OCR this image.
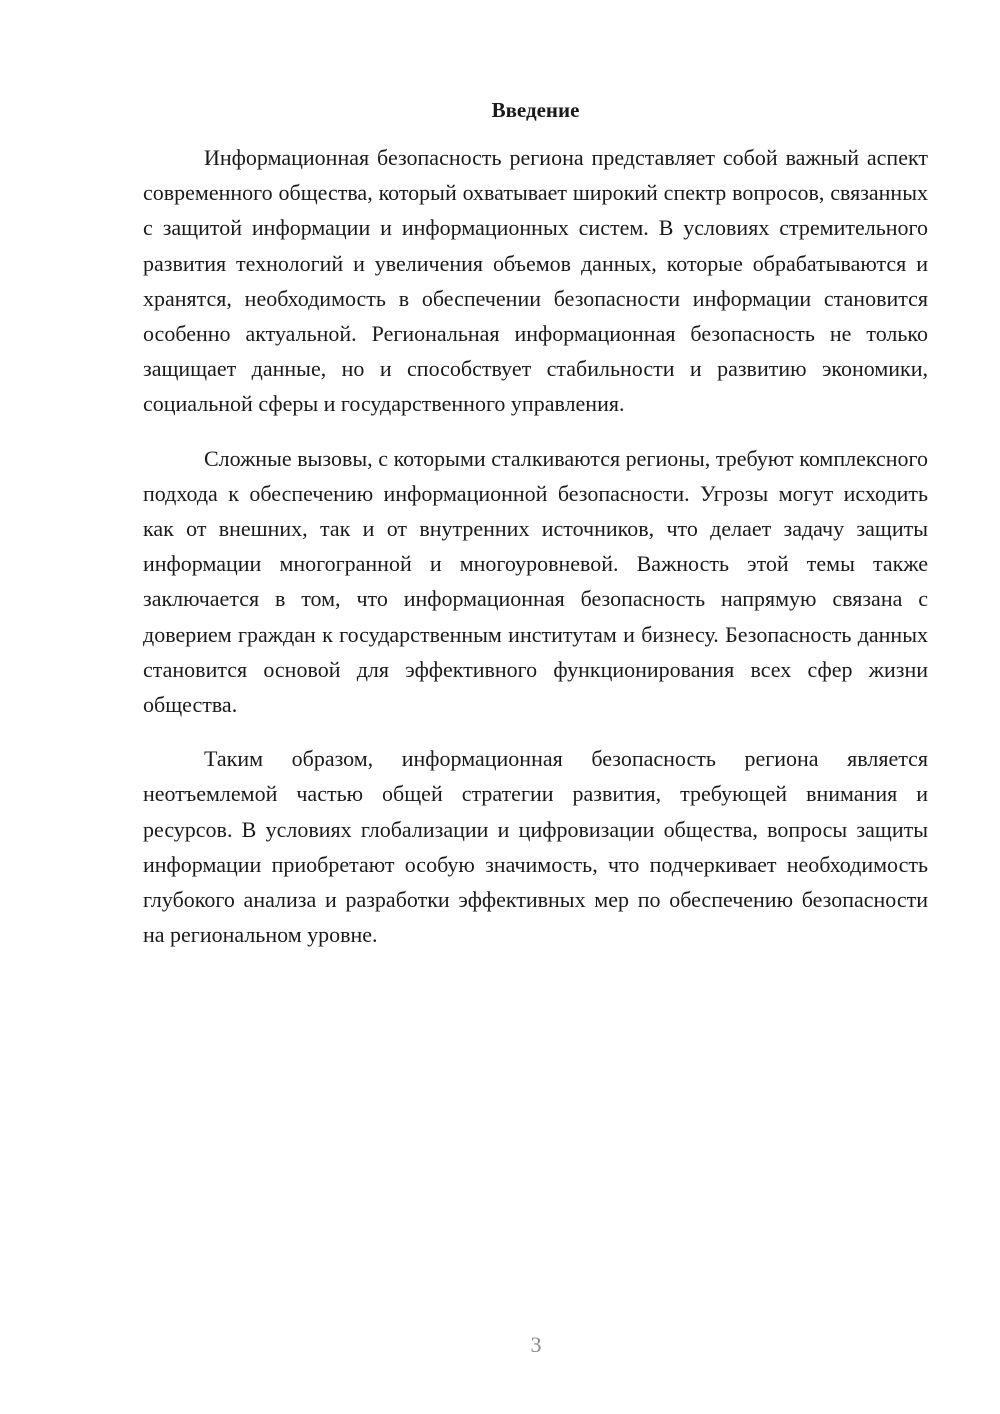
Введение

Информационная безопасность региона представляет собой важный аспект современного общества, который охватывает широкий спектр вопросов, связанных с защитой информации и информационных систем. В условиях стремительного развития технологий и увеличения объемов данных, которые обрабатываются и хранятся, необходимость в обеспечении безопасности информации становится особенно актуальной. Региональная информационная безопасность не только защищает данные, но и способствует стабильности и развитию экономики, социальной сферы и государственного управления.

Сложные вызовы, с которыми сталкиваются регионы, требуют комплексного подхода к обеспечению информационной безопасности. Угрозы могут исходить как от внешних, так и от внутренних источников, что делает задачу защиты информации многогранной и многоуровневой. Важность этой темы также заключается в том, что информационная безопасность напрямую связана с доверием граждан к государственным институтам и бизнесу. Безопасность данных становится основой для эффективного функционирования всех сфер жизни общества.

Таким образом, информационная безопасность региона является неотъемлемой частью общей стратегии развития, требующей внимания и ресурсов. В условиях глобализации и цифровизации общества, вопросы защиты информации приобретают особую значимость, что подчеркивает необходимость глубокого анализа и разработки эффективных мер по обеспечению безопасности на региональном уровне.

3
